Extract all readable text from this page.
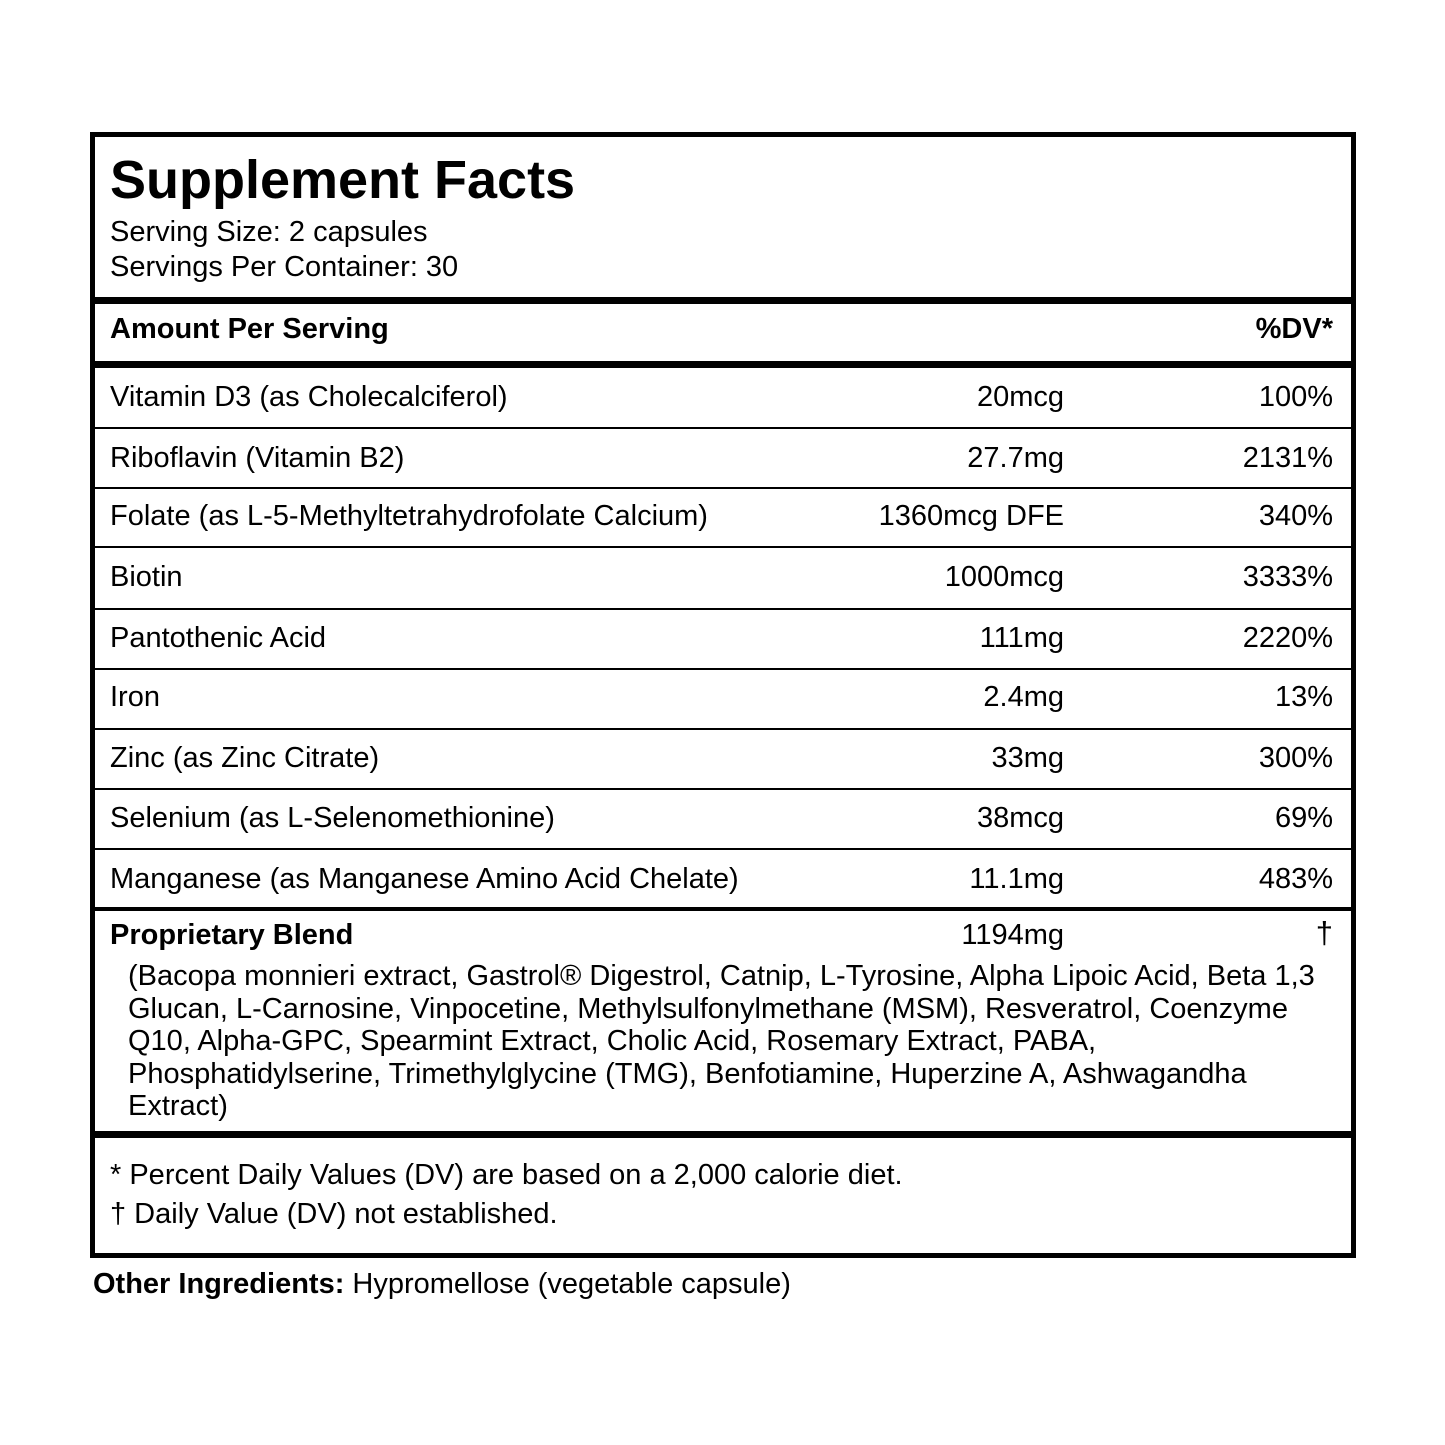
Supplement Facts
Serving Size: 2 capsules
Servings Per Container: 30
Amount Per Serving	%DV*
Vitamin D3 (as Cholecalciferol)	20mcg	100%
Riboflavin (Vitamin B2)	27.7mg	2131%
Folate (as L-5-Methyltetrahydrofolate Calcium)	1360mcg DFE	340%
Biotin	1000mcg	3333%
Pantothenic Acid	111mg	2220%
Iron	2.4mg	13%
Zinc (as Zinc Citrate)	33mg	300%
Selenium (as L-Selenomethionine)	38mcg	69%
Manganese (as Manganese Amino Acid Chelate)	11.1mg	483%
Proprietary Blend	1194mg	†
(Bacopa monnieri extract, Gastrol® Digestrol, Catnip, L-Tyrosine, Alpha Lipoic Acid, Beta 1,3 Glucan, L-Carnosine, Vinpocetine, Methylsulfonylmethane (MSM), Resveratrol, Coenzyme Q10, Alpha-GPC, Spearmint Extract, Cholic Acid, Rosemary Extract, PABA, Phosphatidylserine, Trimethylglycine (TMG), Benfotiamine, Huperzine A, Ashwagandha Extract)
* Percent Daily Values (DV) are based on a 2,000 calorie diet.
† Daily Value (DV) not established.
Other Ingredients: Hypromellose (vegetable capsule)
